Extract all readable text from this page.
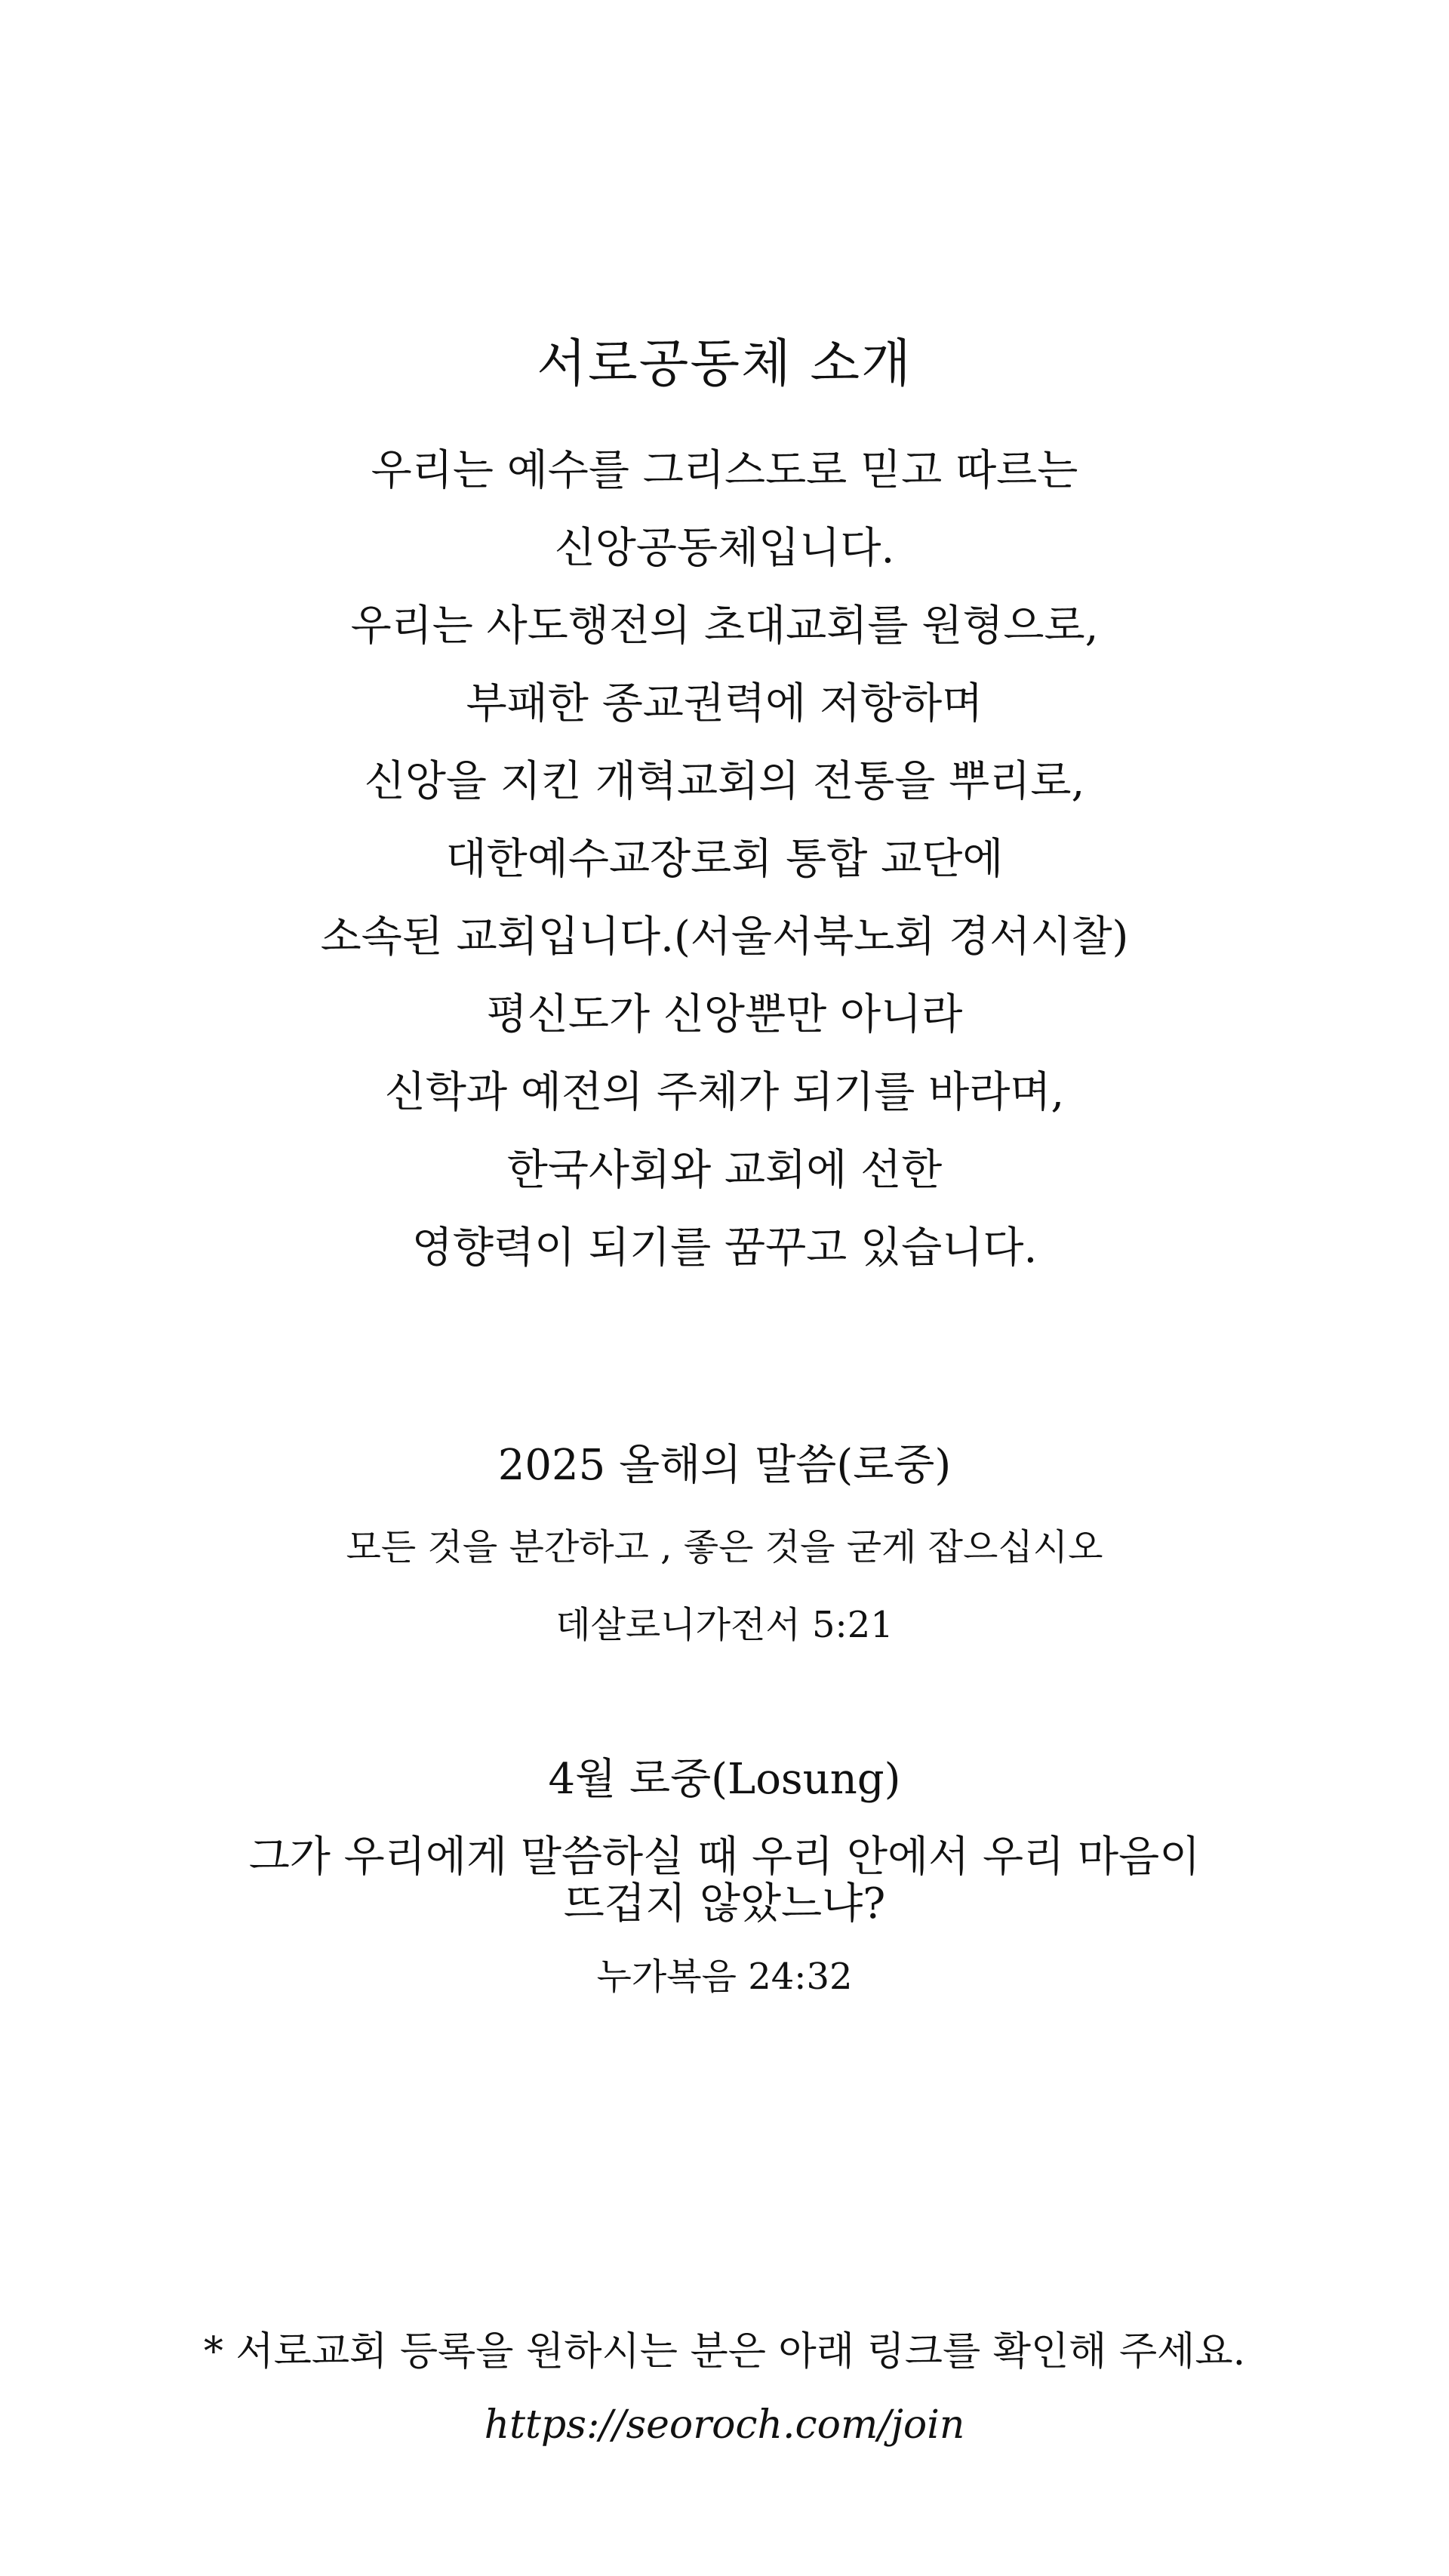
서로공동체 소개
우리는 예수를 그리스도로 믿고 따르는
신앙공동체입니다.
우리는 사도행전의 초대교회를 원형으로,
부패한 종교권력에 저항하며
신앙을 지킨 개혁교회의 전통을 뿌리로,
대한예수교장로회 통합 교단에
소속된 교회입니다.(서울서북노회 경서시찰)
평신도가 신앙뿐만 아니라
신학과 예전의 주체가 되기를 바라며,
한국사회와 교회에 선한
영향력이 되기를 꿈꾸고 있습니다.
2025 올해의 말씀(로중)
모든 것을 분간하고 , 좋은 것을 굳게 잡으십시오
데살로니가전서 5:21
4월 로중(Losung)
그가 우리에게 말씀하실 때 우리 안에서 우리 마음이
뜨겁지 않았느냐?
누가복음 24:32
* 서로교회 등록을 원하시는 분은 아래 링크를 확인해 주세요.
https://seoroch.com/join
